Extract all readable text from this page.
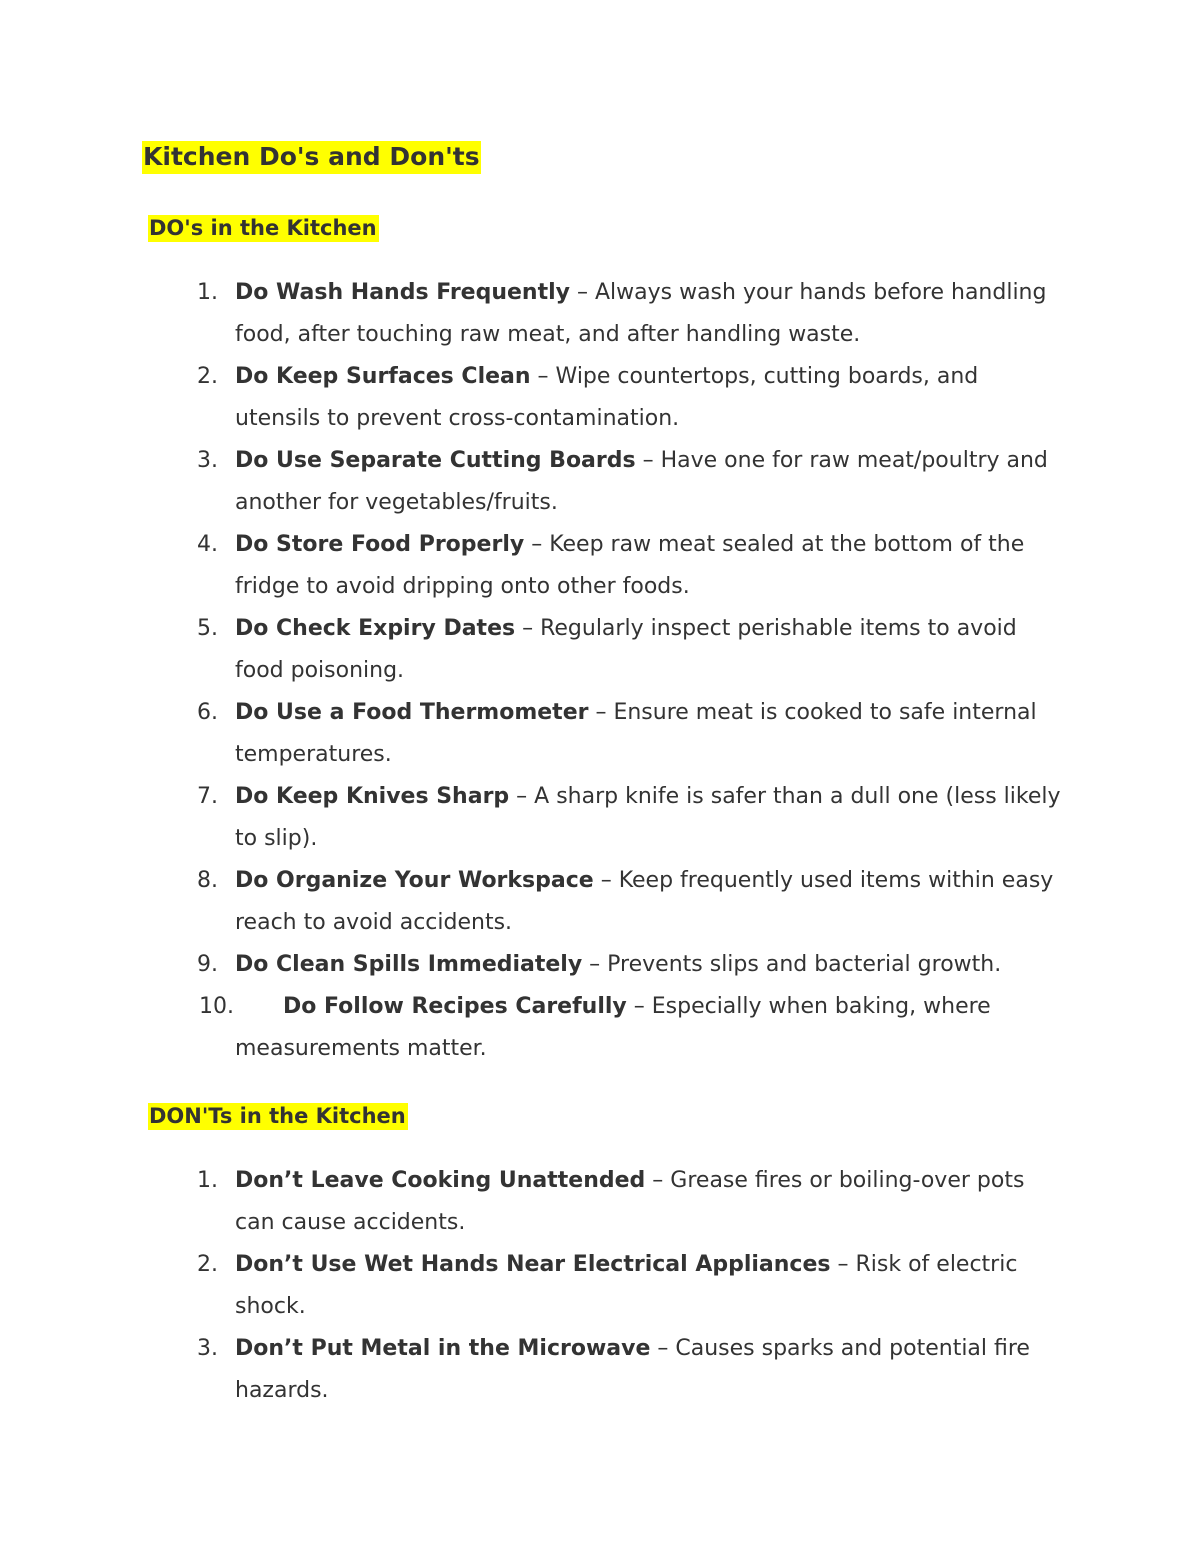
Kitchen Do's and Don'ts
DO's in the Kitchen
1. Do Wash Hands Frequently – Always wash your hands before handling food, after touching raw meat, and after handling waste.
2. Do Keep Surfaces Clean – Wipe countertops, cutting boards, and utensils to prevent cross-contamination.
3. Do Use Separate Cutting Boards – Have one for raw meat/poultry and another for vegetables/fruits.
4. Do Store Food Properly – Keep raw meat sealed at the bottom of the fridge to avoid dripping onto other foods.
5. Do Check Expiry Dates – Regularly inspect perishable items to avoid food poisoning.
6. Do Use a Food Thermometer – Ensure meat is cooked to safe internal temperatures.
7. Do Keep Knives Sharp – A sharp knife is safer than a dull one (less likely to slip).
8. Do Organize Your Workspace – Keep frequently used items within easy reach to avoid accidents.
9. Do Clean Spills Immediately – Prevents slips and bacterial growth.
10. Do Follow Recipes Carefully – Especially when baking, where measurements matter.
DON'Ts in the Kitchen
1. Don’t Leave Cooking Unattended – Grease fires or boiling-over pots can cause accidents.
2. Don’t Use Wet Hands Near Electrical Appliances – Risk of electric shock.
3. Don’t Put Metal in the Microwave – Causes sparks and potential fire hazards.
